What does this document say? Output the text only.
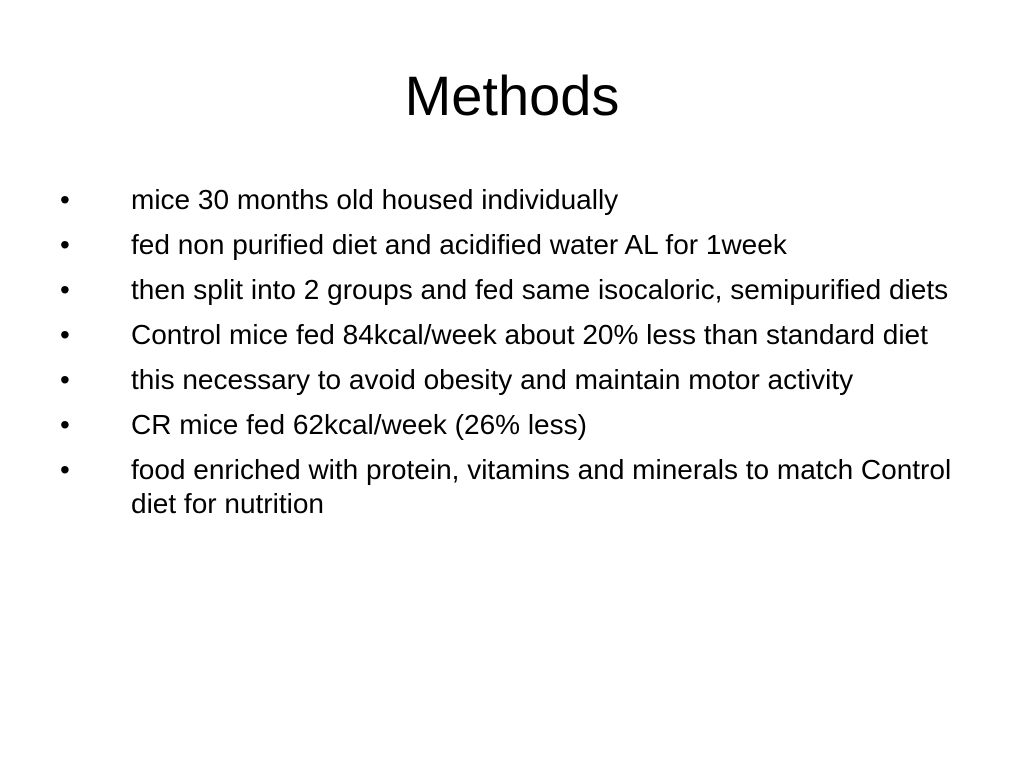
Methods
•	mice 30 months old housed individually
•	fed non purified diet and acidified water AL for 1week
•	then split into 2 groups and fed same isocaloric, semipurified diets
•	Control mice fed 84kcal/week about 20% less than standard diet
•	this necessary to avoid obesity and maintain motor activity
•	CR mice fed 62kcal/week (26% less)
•	food enriched with protein, vitamins and minerals to match Control diet for nutrition
